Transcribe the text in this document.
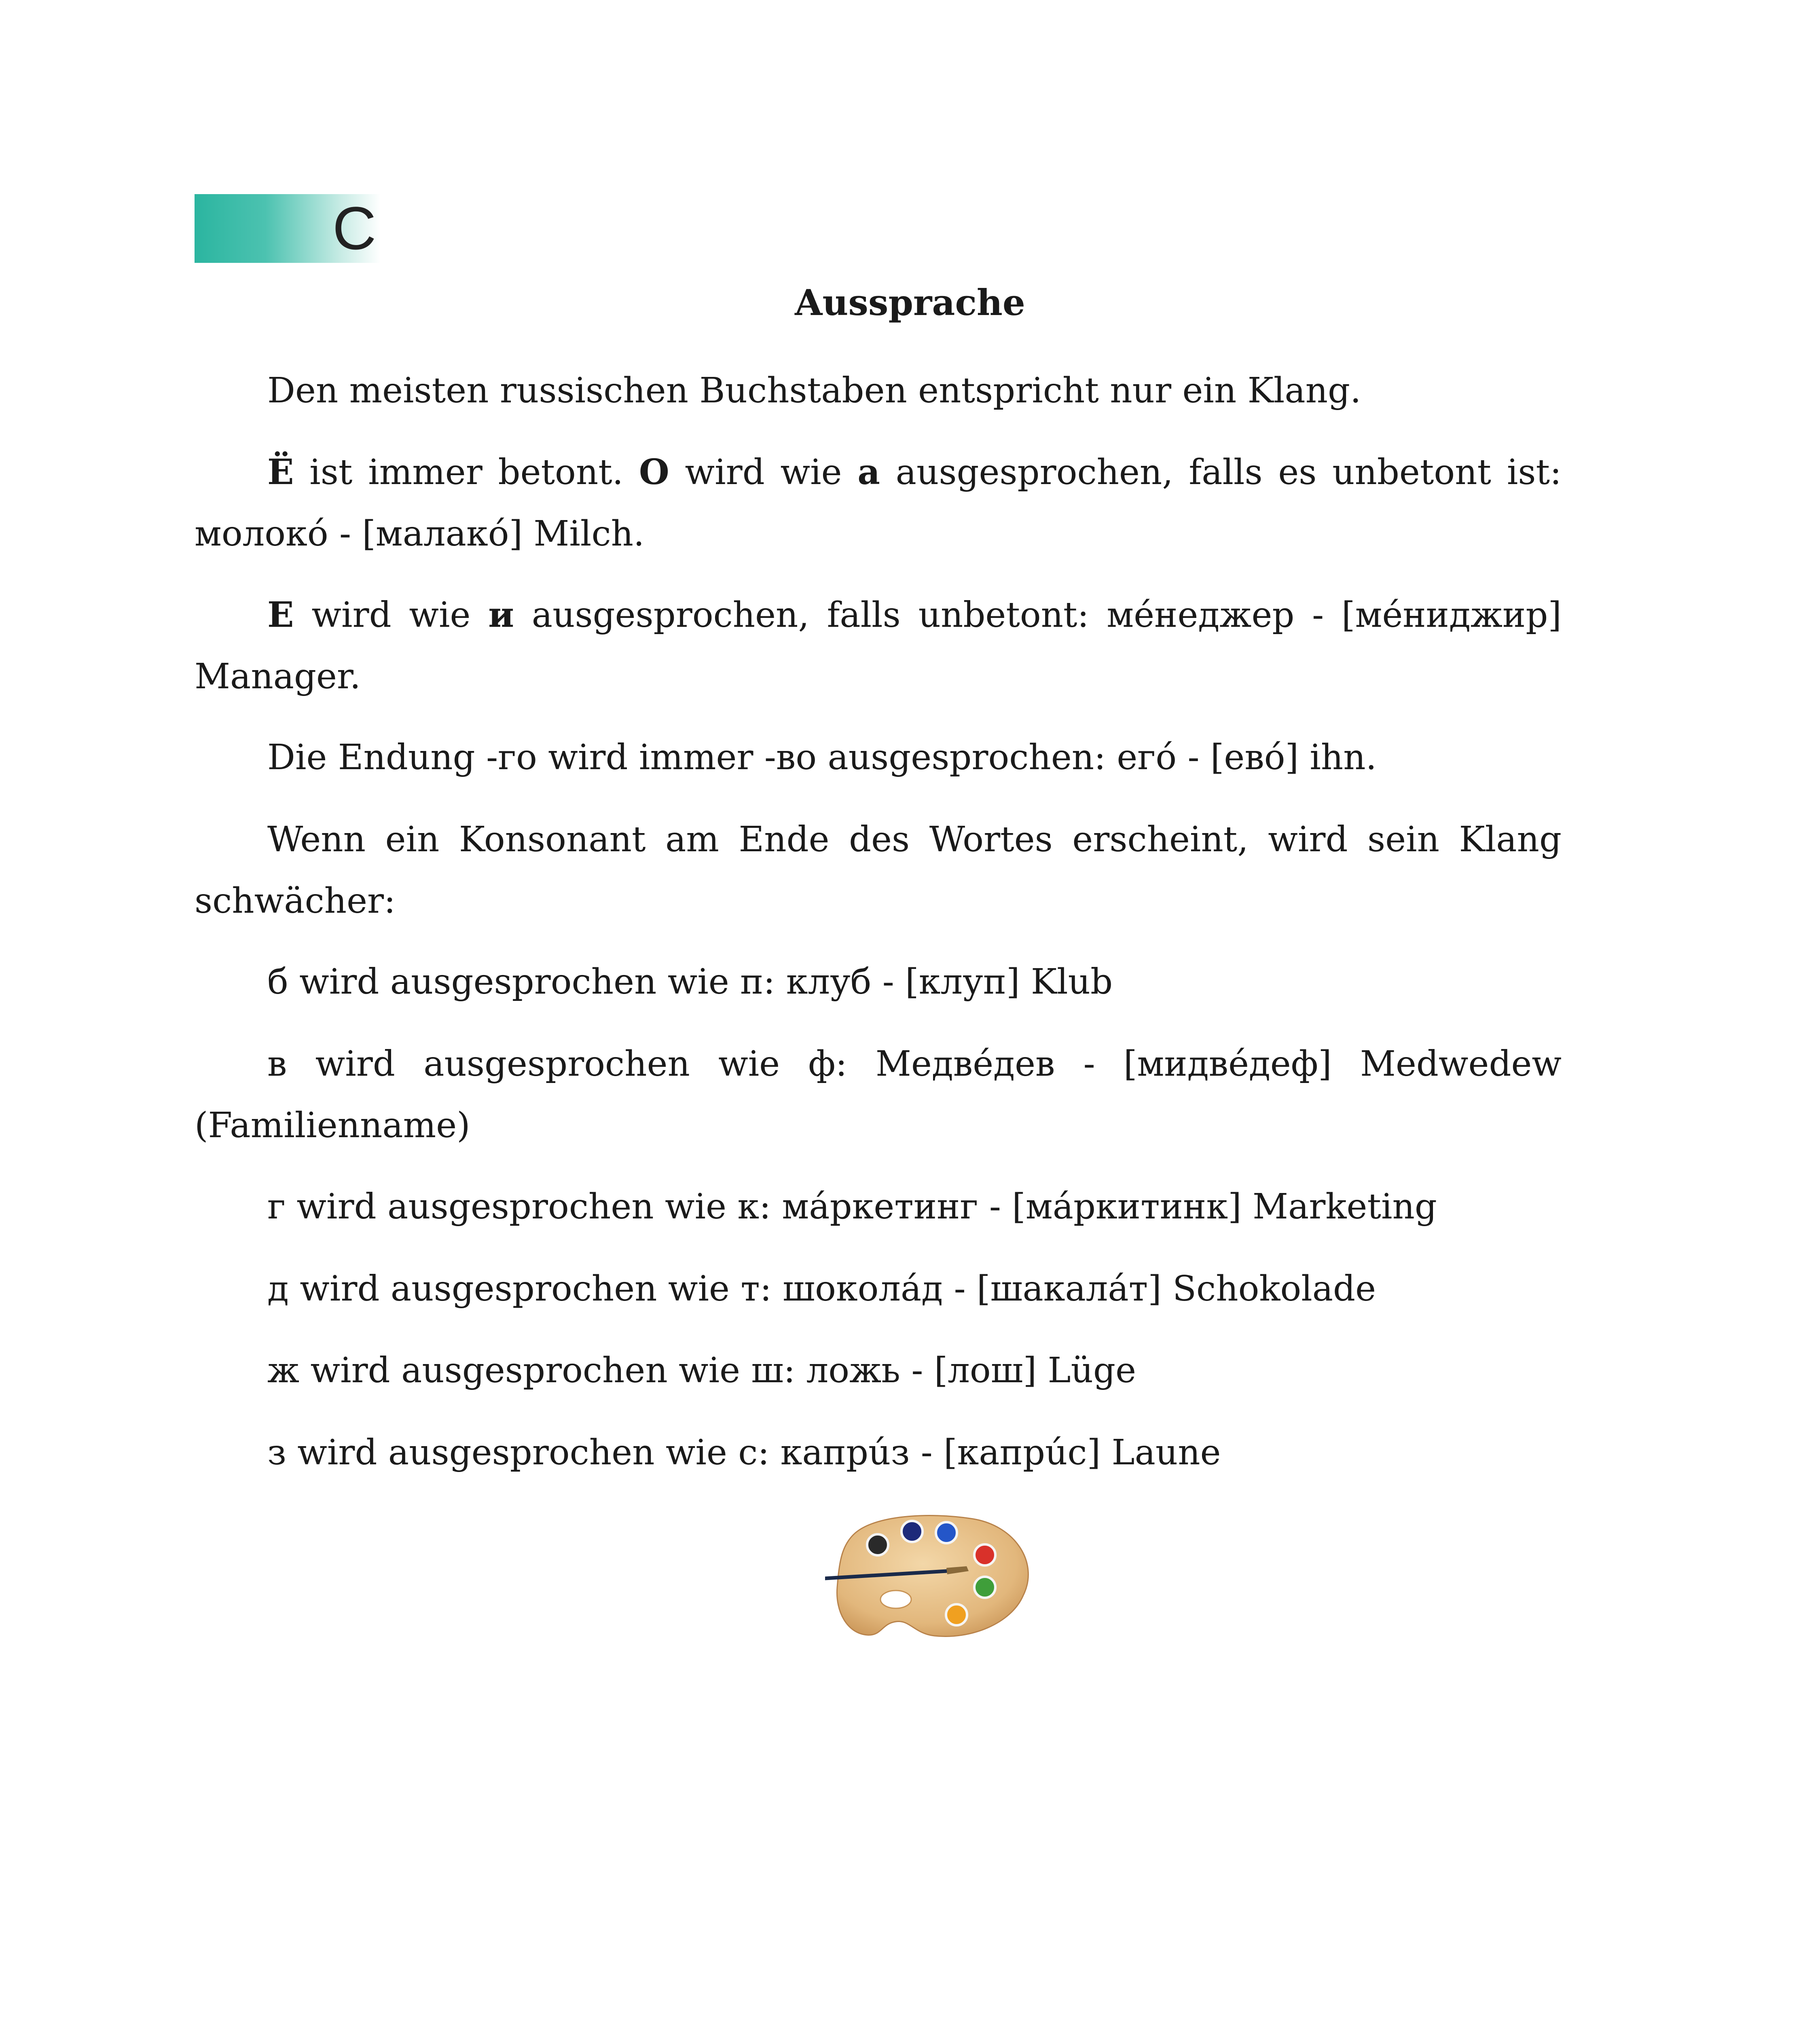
С
Aussprache
Den meisten russischen Buchstaben entspricht nur ein Klang.
Ё ist immer betont. О wird wie а ausgesprochen, falls es unbetont ist: молокó - [малакó] Milch.
Е wird wie и ausgesprochen, falls unbetont: мéнеджер - [мéниджир] Manager.
Die Endung -го wird immer -во ausgesprochen: егó - [евó] ihn.
Wenn ein Konsonant am Ende des Wortes erscheint, wird sein Klang schwächer:
б wird ausgesprochen wie п: клуб - [клуп] Klub
в wird ausgesprochen wie ф: Медвéдев - [мидвéдеф] Medwedew (Familienname)
г wird ausgesprochen wie к: мáркетинг - [мáркитинк] Marketing
д wird ausgesprochen wie т: шоколáд - [шакалáт] Schokolade
ж wird ausgesprochen wie ш: ложь - [лош] Lüge
з wird ausgesprochen wie с: капрúз - [капрúс] Laune
